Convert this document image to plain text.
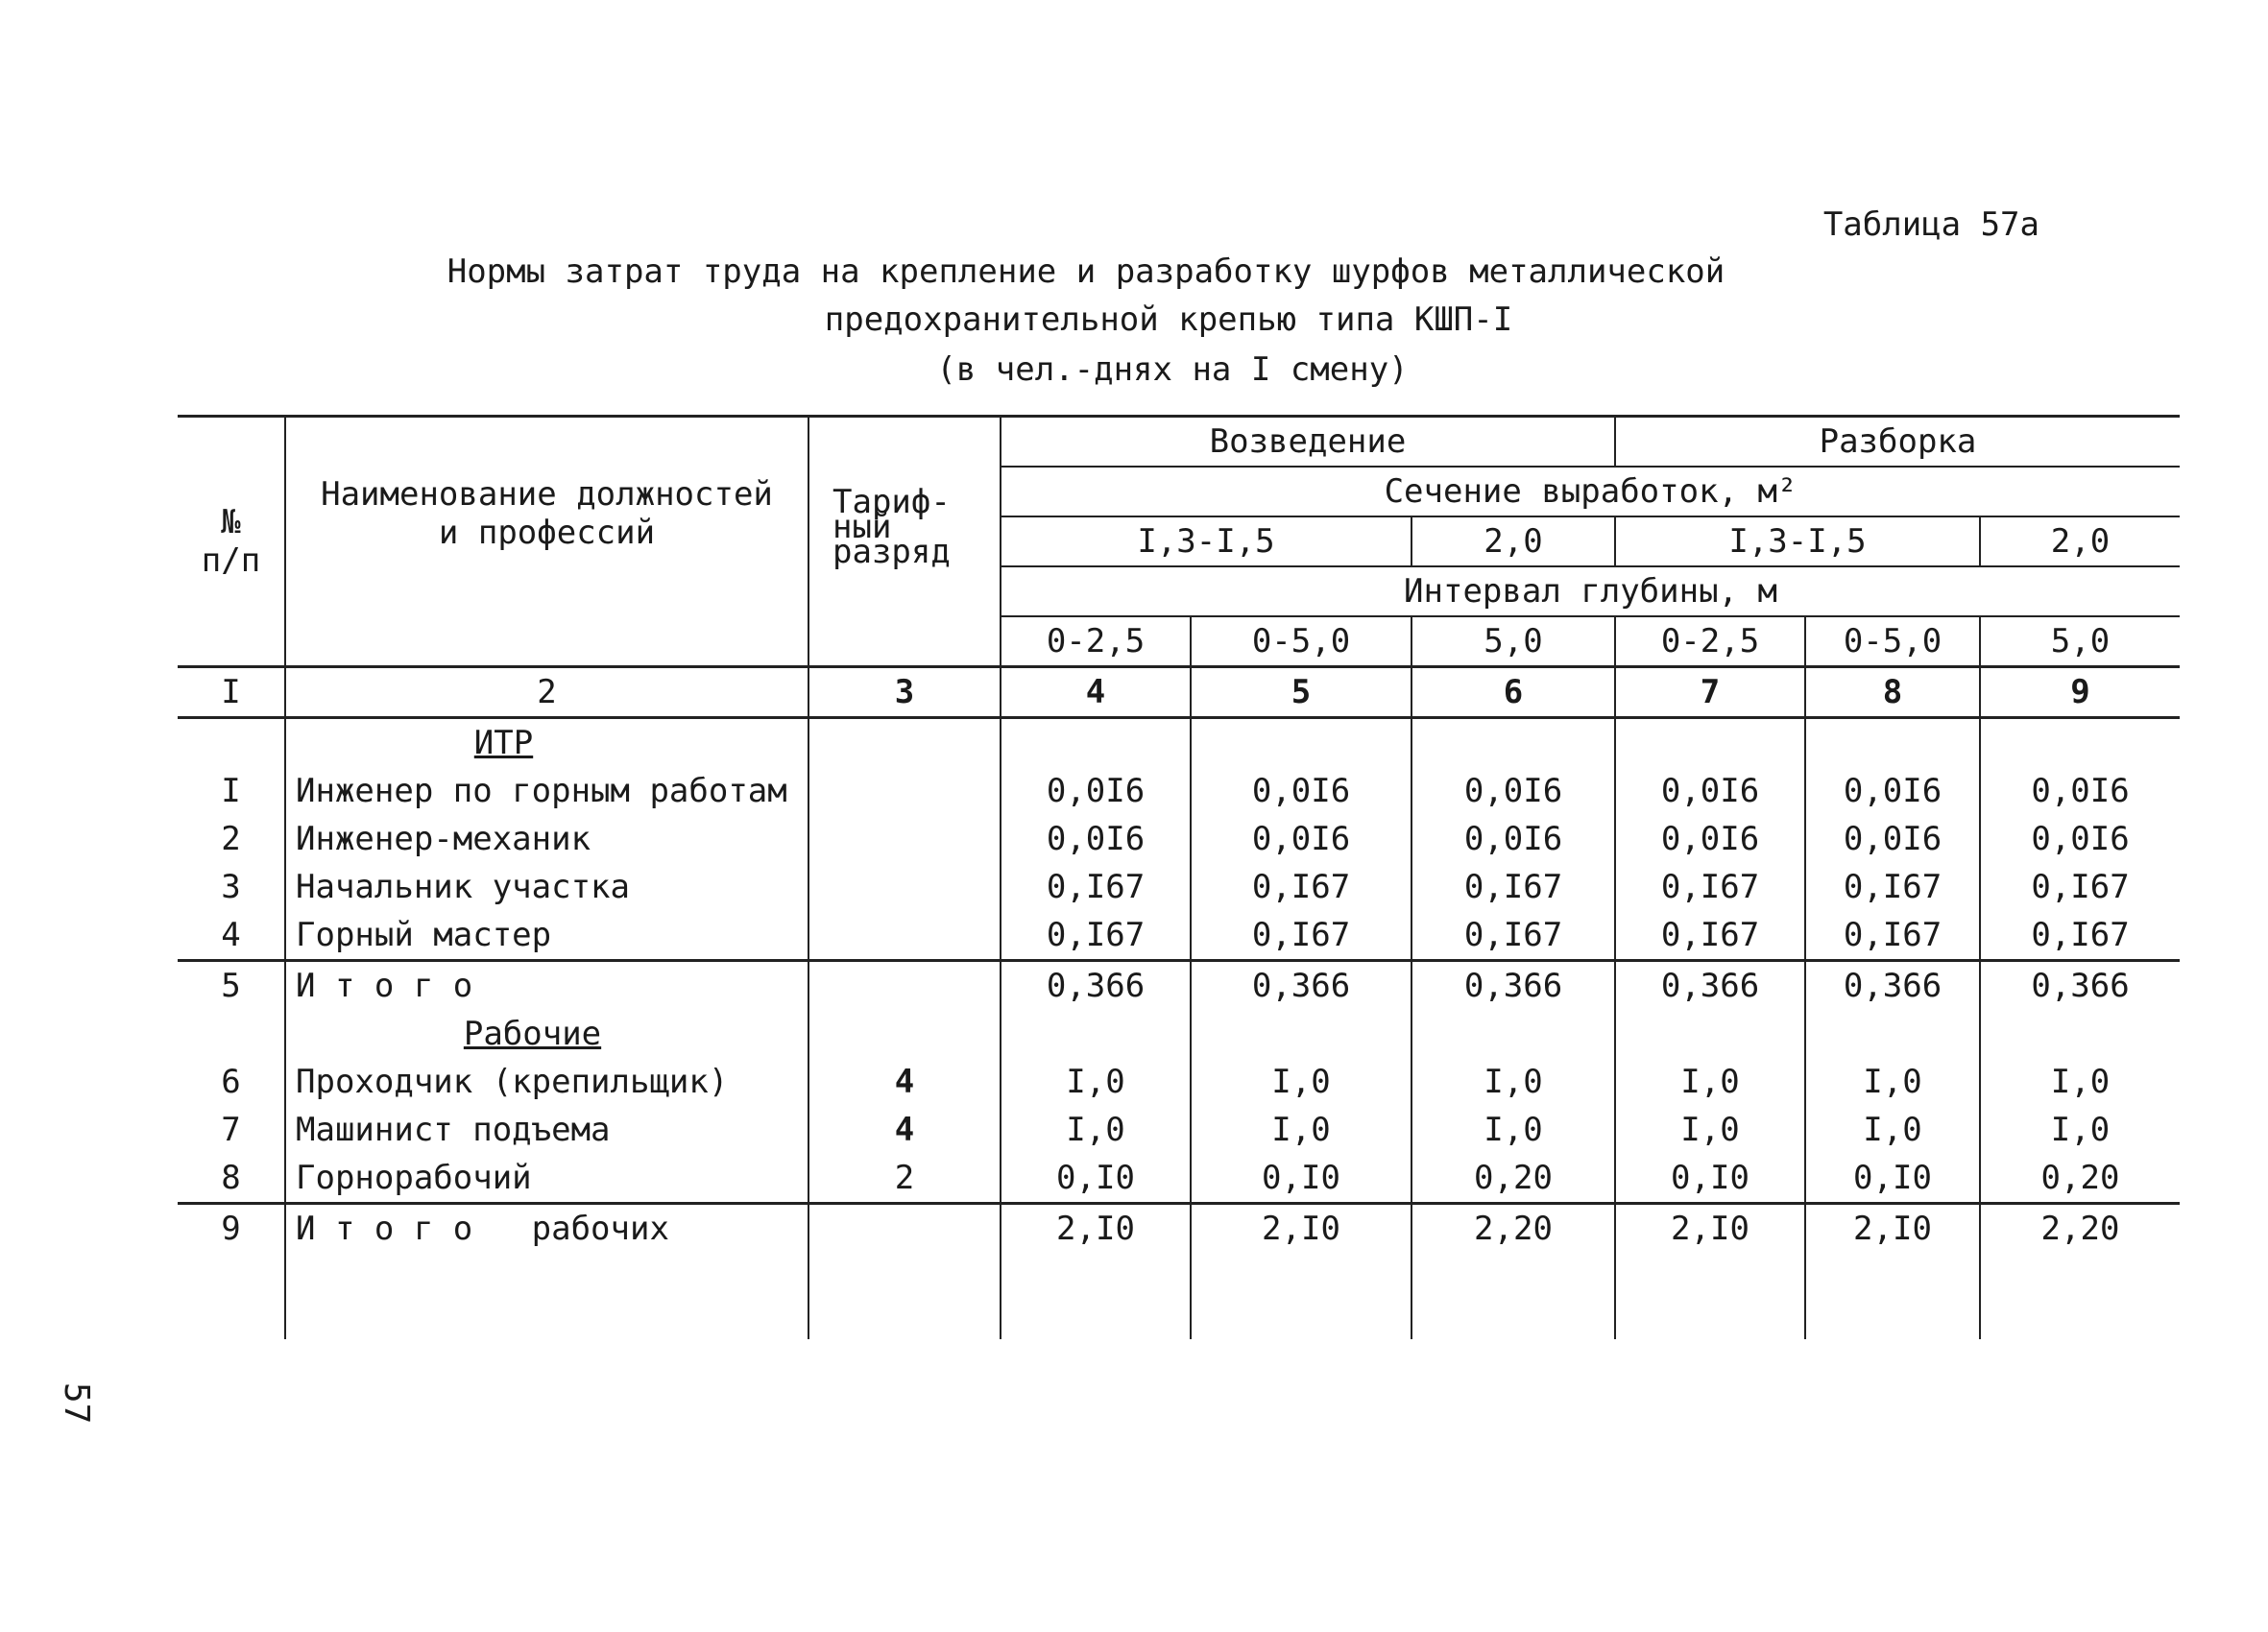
Таблица 57а
Нормы затрат труда на крепление и разработку шурфов металлической
предохранительной крепью типа КШП-I
(в чел.-днях на I смену)
№
п/п	Наименование должностей
и профессий	Тариф-
ный
разряд	Возведение			Разборка		
			Сечение выработок, м²					
			I,3-I,5		2,0	I,3-I,5		2,0
			Интервал глубины, м					
			0-2,5	0-5,0	5,0	0-2,5	0-5,0	5,0

I	2	3	4	5	6	7	8	9
	ИТР							
I	Инженер по горным работам		0,0I6	0,0I6	0,0I6	0,0I6	0,0I6	0,0I6
2	Инженер-механик		0,0I6	0,0I6	0,0I6	0,0I6	0,0I6	0,0I6
3	Начальник участка		0,I67	0,I67	0,I67	0,I67	0,I67	0,I67
4	Горный мастер		0,I67	0,I67	0,I67	0,I67	0,I67	0,I67
5	И т о г о		0,366	0,366	0,366	0,366	0,366	0,366
	Рабочие							
6	Проходчик (крепильщик)	4	I,0	I,0	I,0	I,0	I,0	I,0
7	Машинист подъема	4	I,0	I,0	I,0	I,0	I,0	I,0
8	Горнорабочий	2	0,I0	0,I0	0,20	0,I0	0,I0	0,20
9	И т о г о   рабочих		2,I0	2,I0	2,20	2,I0	2,I0	2,20

57
